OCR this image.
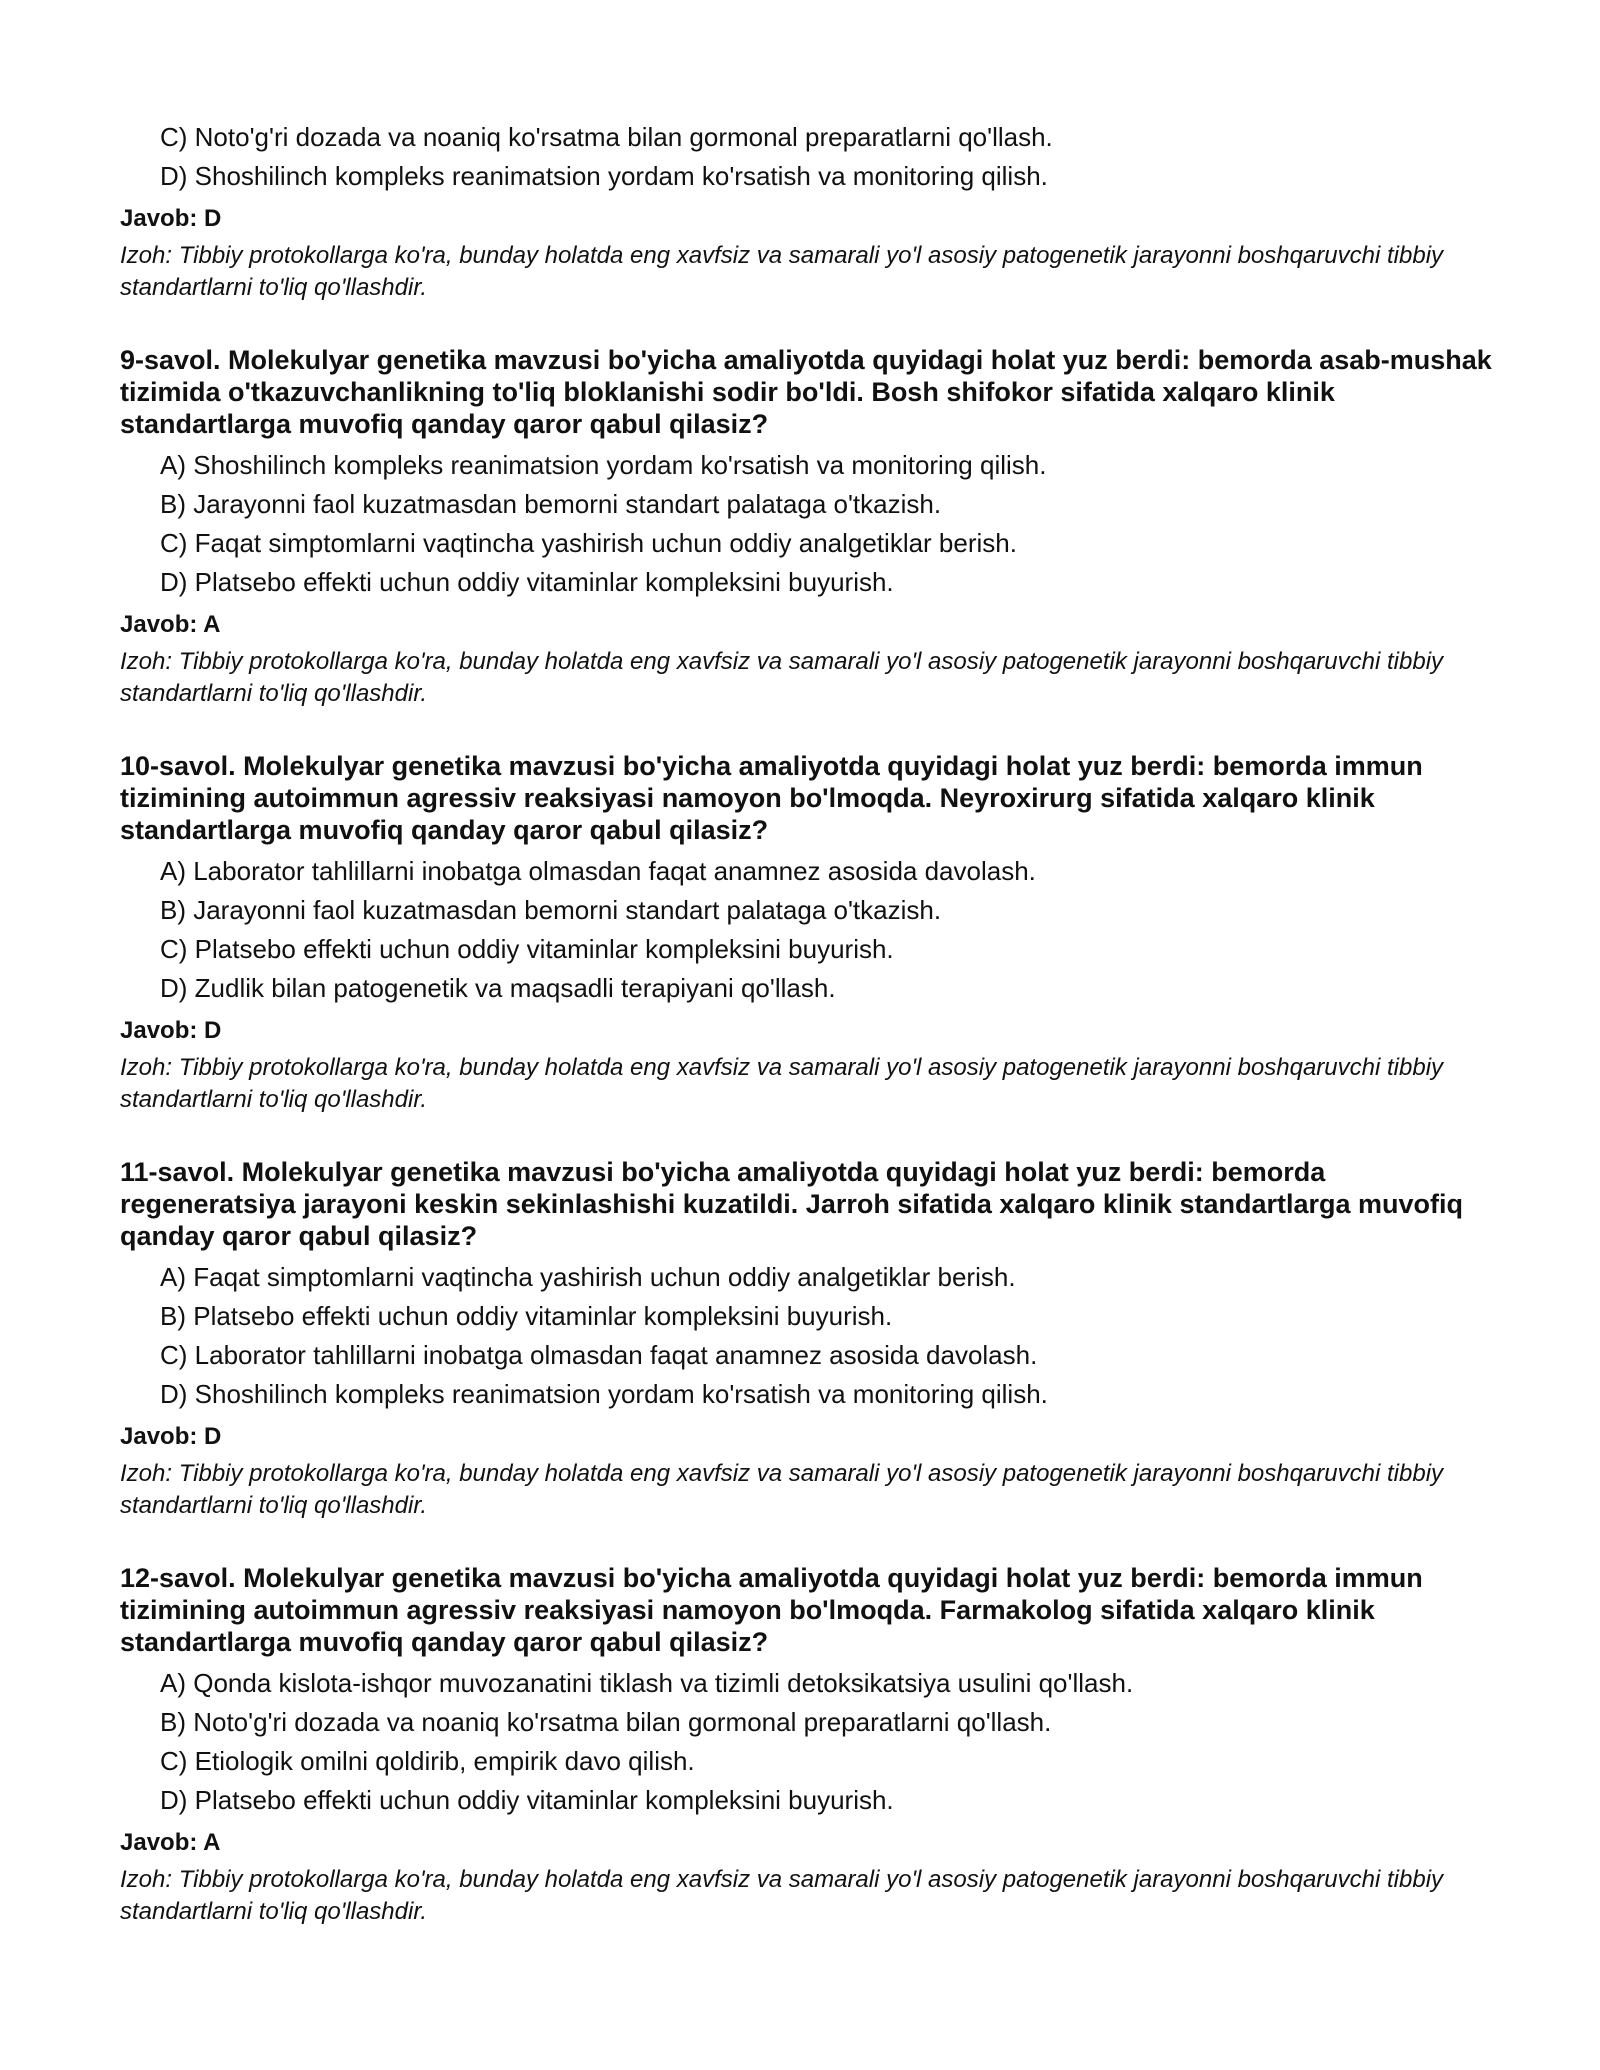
C) Noto'g'ri dozada va noaniq ko'rsatma bilan gormonal preparatlarni qo'llash.
D) Shoshilinch kompleks reanimatsion yordam ko'rsatish va monitoring qilish.
Javob: D
Izoh: Tibbiy protokollarga ko'ra, bunday holatda eng xavfsiz va samarali yo'l asosiy patogenetik jarayonni boshqaruvchi tibbiy standartlarni to'liq qo'llashdir.
9-savol. Molekulyar genetika mavzusi bo'yicha amaliyotda quyidagi holat yuz berdi: bemorda asab-mushak tizimida o'tkazuvchanlikning to'liq bloklanishi sodir bo'ldi. Bosh shifokor sifatida xalqaro klinik standartlarga muvofiq qanday qaror qabul qilasiz?
A) Shoshilinch kompleks reanimatsion yordam ko'rsatish va monitoring qilish.
B) Jarayonni faol kuzatmasdan bemorni standart palataga o'tkazish.
C) Faqat simptomlarni vaqtincha yashirish uchun oddiy analgetiklar berish.
D) Platsebo effekti uchun oddiy vitaminlar kompleksini buyurish.
Javob: A
Izoh: Tibbiy protokollarga ko'ra, bunday holatda eng xavfsiz va samarali yo'l asosiy patogenetik jarayonni boshqaruvchi tibbiy standartlarni to'liq qo'llashdir.
10-savol. Molekulyar genetika mavzusi bo'yicha amaliyotda quyidagi holat yuz berdi: bemorda immun tizimining autoimmun agressiv reaksiyasi namoyon bo'lmoqda. Neyroxirurg sifatida xalqaro klinik standartlarga muvofiq qanday qaror qabul qilasiz?
A) Laborator tahlillarni inobatga olmasdan faqat anamnez asosida davolash.
B) Jarayonni faol kuzatmasdan bemorni standart palataga o'tkazish.
C) Platsebo effekti uchun oddiy vitaminlar kompleksini buyurish.
D) Zudlik bilan patogenetik va maqsadli terapiyani qo'llash.
Javob: D
Izoh: Tibbiy protokollarga ko'ra, bunday holatda eng xavfsiz va samarali yo'l asosiy patogenetik jarayonni boshqaruvchi tibbiy standartlarni to'liq qo'llashdir.
11-savol. Molekulyar genetika mavzusi bo'yicha amaliyotda quyidagi holat yuz berdi: bemorda regeneratsiya jarayoni keskin sekinlashishi kuzatildi. Jarroh sifatida xalqaro klinik standartlarga muvofiq qanday qaror qabul qilasiz?
A) Faqat simptomlarni vaqtincha yashirish uchun oddiy analgetiklar berish.
B) Platsebo effekti uchun oddiy vitaminlar kompleksini buyurish.
C) Laborator tahlillarni inobatga olmasdan faqat anamnez asosida davolash.
D) Shoshilinch kompleks reanimatsion yordam ko'rsatish va monitoring qilish.
Javob: D
Izoh: Tibbiy protokollarga ko'ra, bunday holatda eng xavfsiz va samarali yo'l asosiy patogenetik jarayonni boshqaruvchi tibbiy standartlarni to'liq qo'llashdir.
12-savol. Molekulyar genetika mavzusi bo'yicha amaliyotda quyidagi holat yuz berdi: bemorda immun tizimining autoimmun agressiv reaksiyasi namoyon bo'lmoqda. Farmakolog sifatida xalqaro klinik standartlarga muvofiq qanday qaror qabul qilasiz?
A) Qonda kislota-ishqor muvozanatini tiklash va tizimli detoksikatsiya usulini qo'llash.
B) Noto'g'ri dozada va noaniq ko'rsatma bilan gormonal preparatlarni qo'llash.
C) Etiologik omilni qoldirib, empirik davo qilish.
D) Platsebo effekti uchun oddiy vitaminlar kompleksini buyurish.
Javob: A
Izoh: Tibbiy protokollarga ko'ra, bunday holatda eng xavfsiz va samarali yo'l asosiy patogenetik jarayonni boshqaruvchi tibbiy standartlarni to'liq qo'llashdir.
